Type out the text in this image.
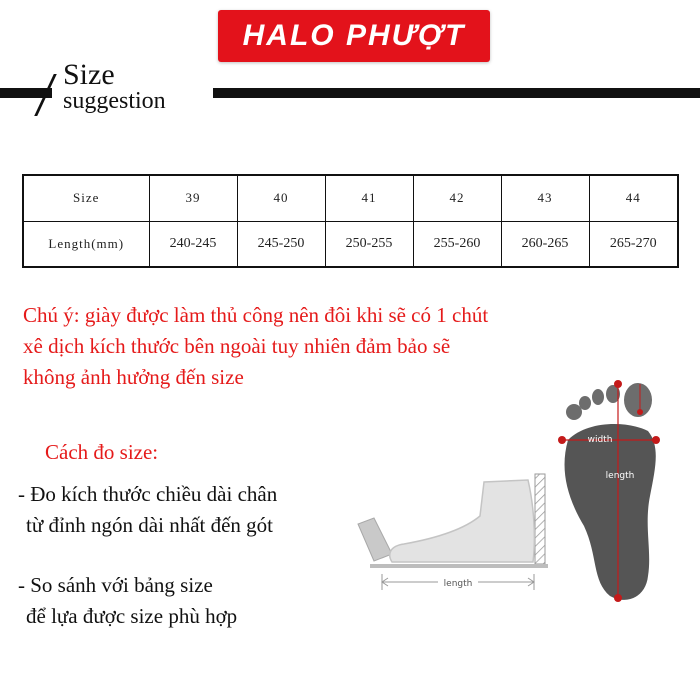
HALO PHƯỢT
Size
suggestion
Size	39	40	41	42	43	44
Length(mm)	240-245	245-250	250-255	255-260	260-265	265-270
Chú ý: giày được làm thủ công nên đôi khi sẽ có 1 chút
xê dịch kích thước bên ngoài tuy nhiên đảm bảo sẽ
không ảnh hưởng đến size
Cách đo size:
- Đo kích thước chiều dài chân
từ đỉnh ngón dài nhất đến gót
- So sánh với bảng size
để lựa được size phù hợp
length
width
length
